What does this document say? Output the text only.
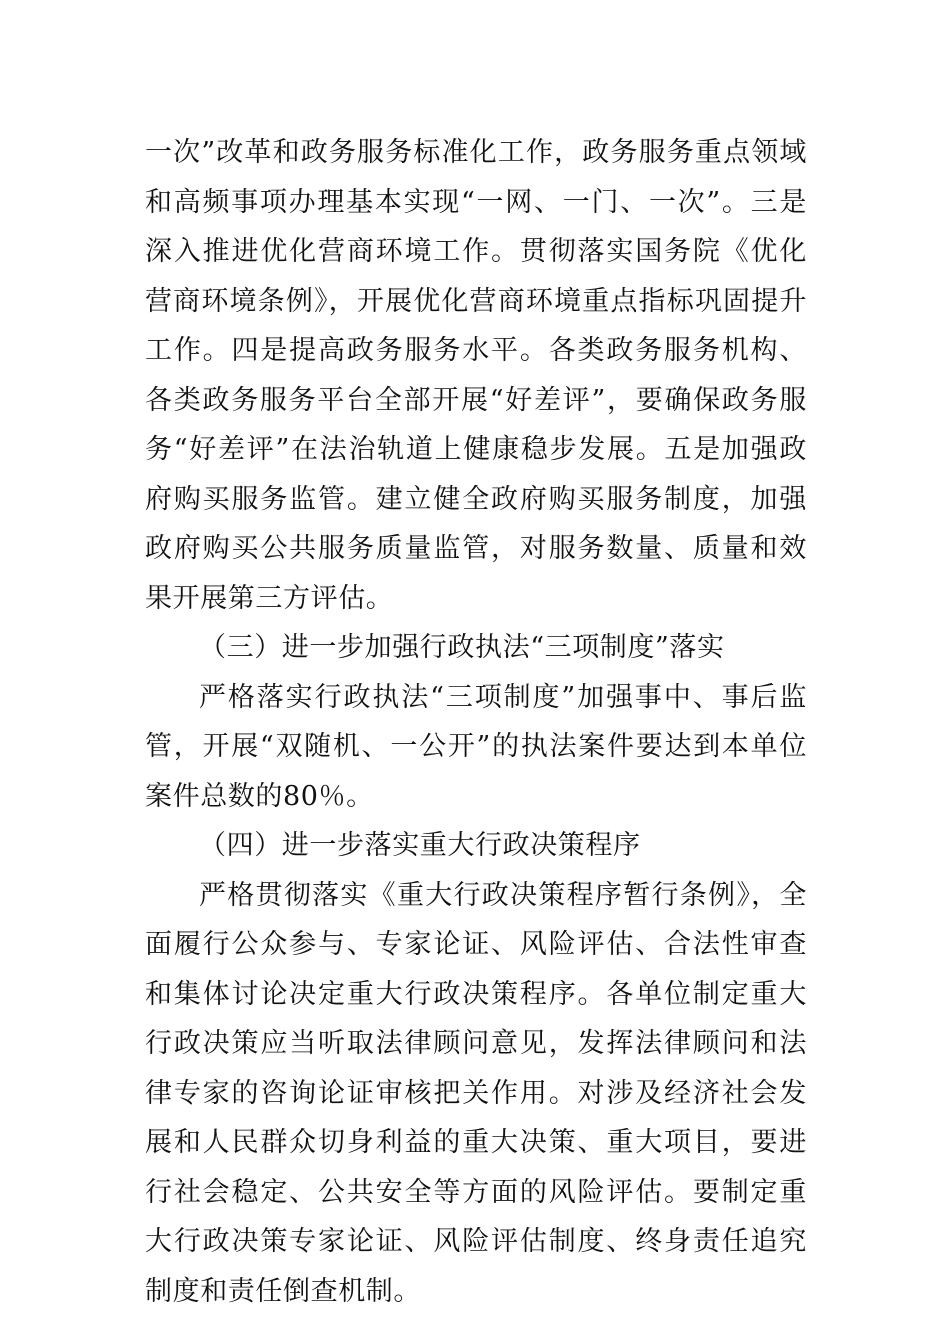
一次”改革和政务服务标准化工作，政务服务重点领域和高频事项办理基本实现“一网、一门、一次”。三是深入推进优化营商环境工作。贯彻落实国务院《优化营商环境条例》，开展优化营商环境重点指标巩固提升工作。四是提高政务服务水平。各类政务服务机构、各类政务服务平台全部开展“好差评”，要确保政务服务“好差评”在法治轨道上健康稳步发展。五是加强政府购买服务监管。建立健全政府购买服务制度，加强政府购买公共服务质量监管，对服务数量、质量和效果开展第三方评估。

（三）进一步加强行政执法“三项制度”落实

严格落实行政执法“三项制度”加强事中、事后监管，开展“双随机、一公开”的执法案件要达到本单位案件总数的80％。

（四）进一步落实重大行政决策程序

严格贯彻落实《重大行政决策程序暂行条例》，全面履行公众参与、专家论证、风险评估、合法性审查和集体讨论决定重大行政决策程序。各单位制定重大行政决策应当听取法律顾问意见，发挥法律顾问和法律专家的咨询论证审核把关作用。对涉及经济社会发展和人民群众切身利益的重大决策、重大项目，要进行社会稳定、公共安全等方面的风险评估。要制定重大行政决策专家论证、风险评估制度、终身责任追究制度和责任倒查机制。
